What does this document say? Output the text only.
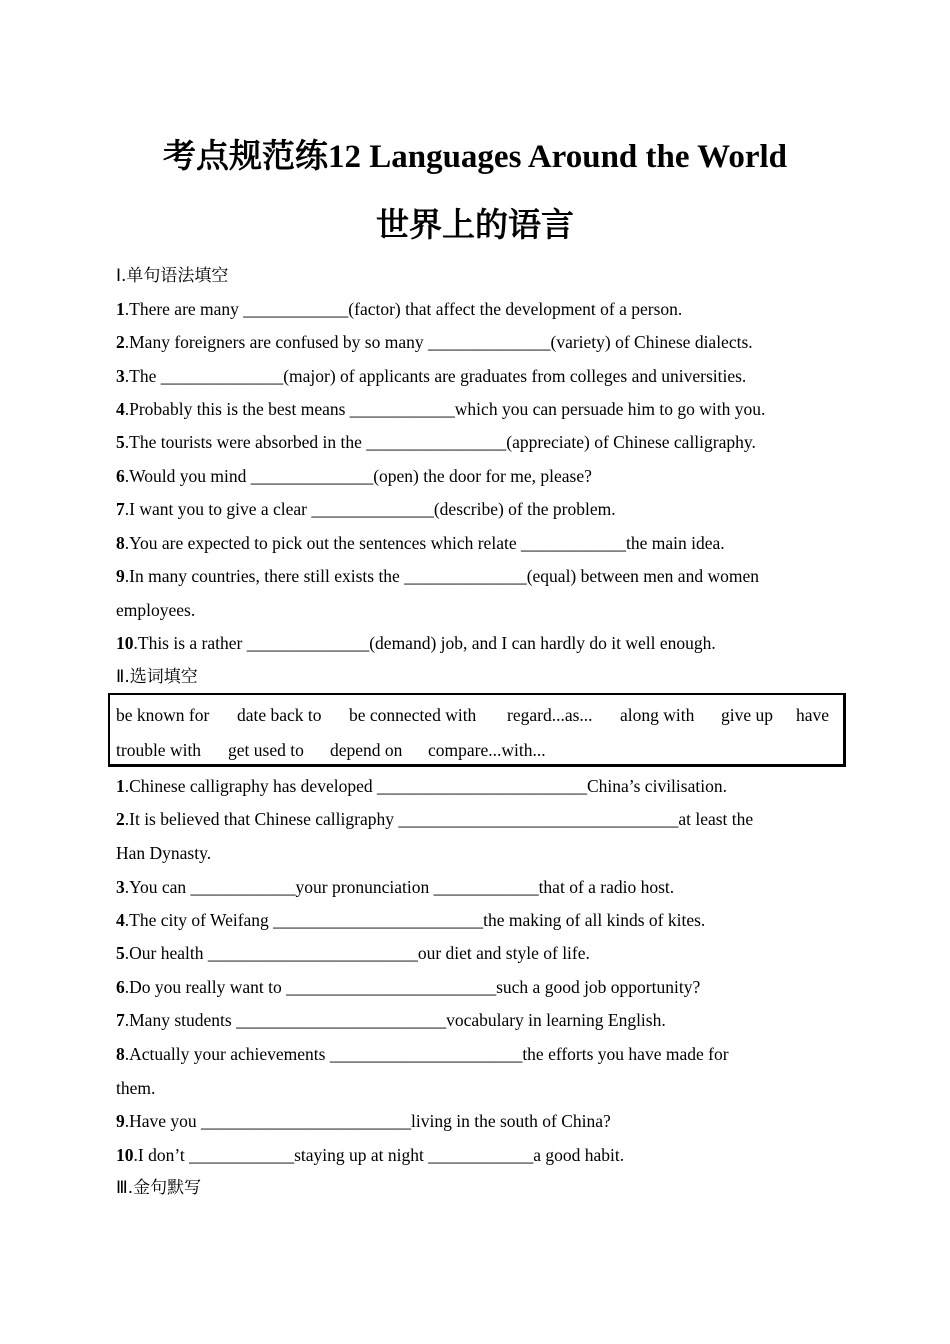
考点规范练12 Languages Around the World
世界上的语言
Ⅰ.单句语法填空
1.There are many ____________(factor) that affect the development of a person.
2.Many foreigners are confused by so many ______________(variety) of Chinese dialects.
3.The ______________(major) of applicants are graduates from colleges and universities.
4.Probably this is the best means ____________which you can persuade him to go with you.
5.The tourists were absorbed in the ________________(appreciate) of Chinese calligraphy.
6.Would you mind ______________(open) the door for me, please?
7.I want you to give a clear ______________(describe) of the problem.
8.You are expected to pick out the sentences which relate ____________the main idea.
9.In many countries, there still exists the ______________(equal) between men and women
employees.
10.This is a rather ______________(demand) job, and I can hardly do it well enough.
Ⅱ.选词填空
be known for date back to be connected with regard...as... along with give up have
trouble with get used to depend on compare...with...
1.Chinese calligraphy has developed ________________________China’s civilisation.
2.It is believed that Chinese calligraphy ________________________________at least the
Han Dynasty.
3.You can ____________your pronunciation ____________that of a radio host.
4.The city of Weifang ________________________the making of all kinds of kites.
5.Our health ________________________our diet and style of life.
6.Do you really want to ________________________such a good job opportunity?
7.Many students ________________________vocabulary in learning English.
8.Actually your achievements ______________________the efforts you have made for
them.
9.Have you ________________________living in the south of China?
10.I don’t ____________staying up at night ____________a good habit.
Ⅲ.金句默写
